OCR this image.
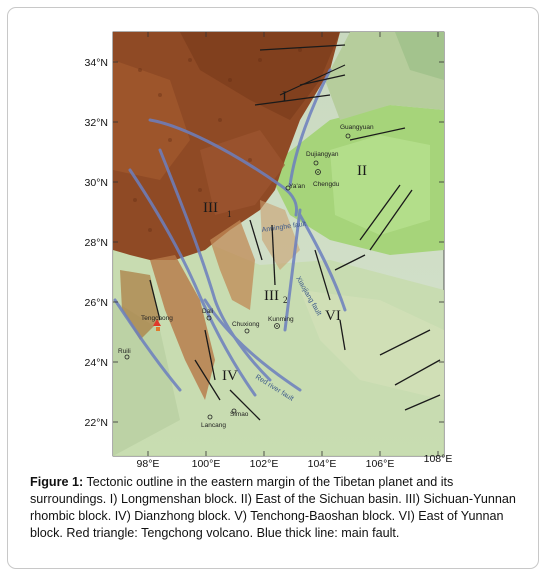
Anninghe fault
Xiaojiang fault
Red river fault
I
II
III 1
III 2
IV
VI
Guangyuan
Dujiangyan
Chengdu
Ya'an
Tengchong
Ruili
Dali
Chuxiong
Kunming
Simao
Lancang
34°N
32°N
30°N
28°N
26°N
24°N
22°N
98°E	100°E	102°E	104°E	106°E	108°E
Figure 1: Tectonic outline in the eastern margin of the Tibetan planet and its surroundings. I) Longmenshan block. II) East of the Sichuan basin. III) Sichuan-Yunnan rhombic block. IV) Dianzhong block. V) Tenchong-Baoshan block. VI) East of Yunnan block. Red triangle: Tengchong volcano. Blue thick line: main fault.
